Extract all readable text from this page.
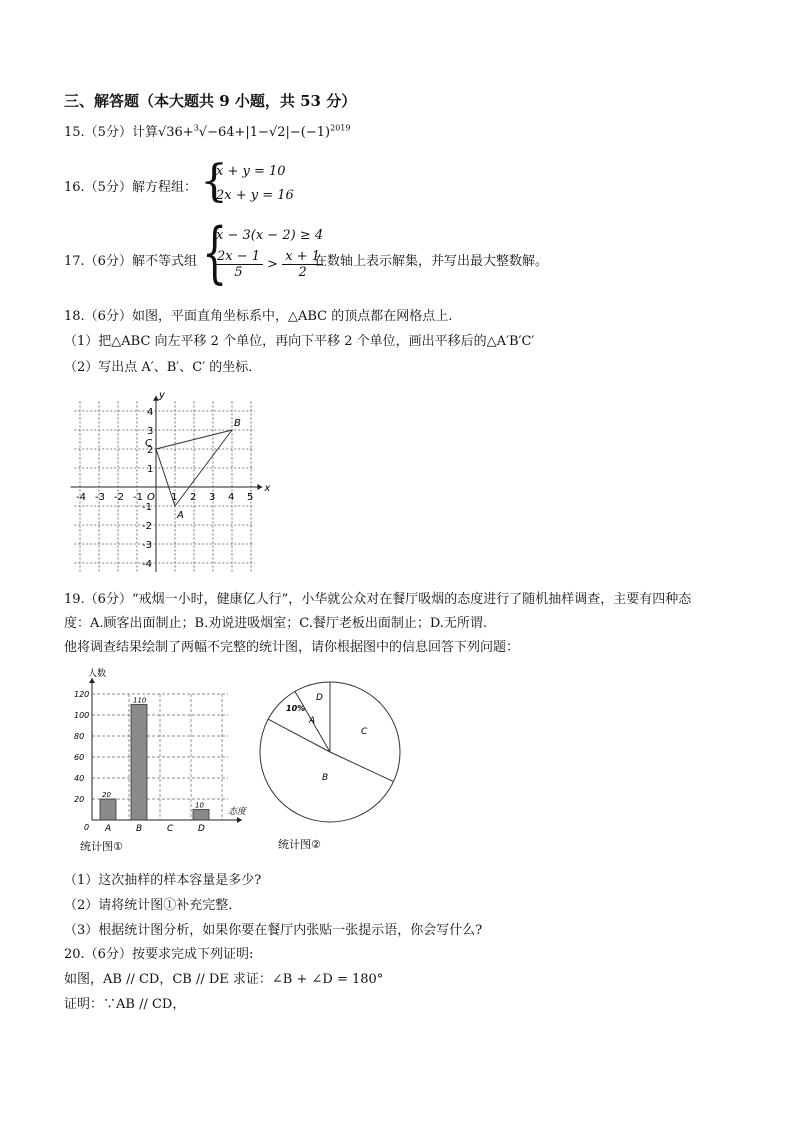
三、解答题（本大题共 9 小题，共 53 分）
15.（5分）计算$√36+^3√-64+|1-√2|-(-1)^{2019}$
16.（5分）解方程组： {
x + y = 10
2x + y = 16
17.（6分）解不等式组 {
x − 3(x − 2) ≥ 4
$\frac{2x - 1}{5} > \frac{x + 1}{2}$
在数轴上表示解集，并写出最大整数解。
18.（6分）如图，平面直角坐标系中，△ABC 的顶点都在网格点上.
（1）把△ABC 向左平移 2 个单位，再向下平移 2 个单位，画出平移后的△A′B′C′
（2）写出点 A′、B′、C′ 的坐标．
x
y
-4 -3 -2 -1 O 1 2 3 4 5
4
3
2
1
-1
-2
-3
-4
A
B
C
19.（6分）“戒烟一小时，健康亿人行”，小华就公众对在餐厅吸烟的态度进行了随机抽样调查，主要有四种态
度：A.顾客出面制止；B.劝说进吸烟室；C.餐厅老板出面制止；D.无所谓.
他将调查结果绘制了两幅不完整的统计图，请你根据图中的信息回答下列问题：
人数
态度
0
20
40
60
80
100
120
A
20
B
110
C	D
10
统计图①
A
10%
B
C
D
统计图②
（1）这次抽样的样本容量是多少?
（2）请将统计图①补充完整．
（3）根据统计图分析，如果你要在餐厅内张贴一张提示语，你会写什么?
20.（6分）按要求完成下列证明:
如图，AB // CD，CB // DE 求证：∠B + ∠D = 180°
证明：∵AB // CD，
